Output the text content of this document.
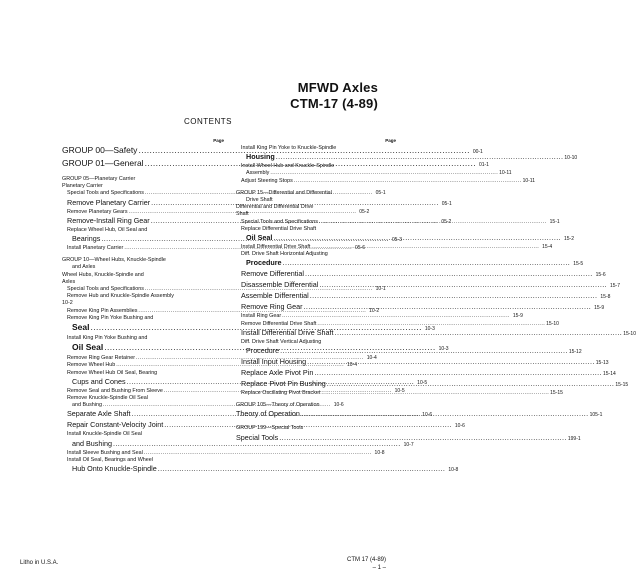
MFWD Axles
CTM-17 (4-89)
CONTENTS
Page
GROUP 00—Safety .....	00-1
GROUP 01—General .....	01-1
GROUP 05—Planetary Carrier
Planetary Carrier
Special Tools and Specifications .....	05-1
Remove Planetary Carrier .....	05-1
Remove Planetary Gears .....	05-2
Remove-Install Ring Gear .....	05-2
Replace Wheel Hub, Oil Seal and
Bearings .....	05-3
Install Planetary Carrier .....	05-6
GROUP 10—Wheel Hubs, Knuckle-Spindle
and Axles
Wheel Hubs, Knuckle-Spindle and
Axles
Special Tools and Specifications .....	10-1
Remove Hub and Knuckle-Spindle Assembly
10-2
Remove King Pin Assemblies .....	10-2
Remove King Pin Yoke Bushing and
Seal .....	10-3
Install King Pin Yoke Bushing and
Oil Seal .....	10-3
Remove Ring Gear Retainer .....	10-4
Remove Wheel Hub .....	10-4
Remove Wheel Hub Oil Seal, Bearing
Cups and Cones .....	10-5
Remove Seal and Bushing From Sleeve .....	10-5
Remove Knuckle-Spindle Oil Seal
and Bushing .....	10-6
Separate Axle Shaft .....	10-6
Repair Constant-Velocity Joint .....	10-6
Install Knuckle-Spindle Oil Seal
and Bushing .....	10-7
Install Sleeve Bushing and Seal .....	10-8
Install Oil Seal, Bearings and Wheel
Hub Onto Knuckle-Spindle .....	10-8
Page
Install King Pin Yoke to Knuckle-Spindle
Housing .....	10-10
Install Wheel Hub and Knuckle-Spindle
Assembly .....	10-11
Adjust Steering Stops .....	10-11
GROUP 15—Differential and Differential
Drive Shaft
Differential and Differential Drive
Shaft
Special Tools and Specifications .....	15-1
Replace Differential Drive Shaft
Oil Seal .....	15-2
Install Differential Drive Shaft .....	15-4
Diff. Drive Shaft Horizontal Adjusting
Procedure .....	15-5
Remove Differential .....	15-6
Disassemble Differential .....	15-7
Assemble Differential .....	15-8
Remove Ring Gear .....	15-9
Install Ring Gear .....	15-9
Remove Differential Drive Shaft .....	15-10
Install Differential Drive Shaft .....	15-10
Diff. Drive Shaft Vertical Adjusting
Procedure .....	15-12
Install Input Housing .....	15-13
Replace Axle Pivot Pin .....	15-14
Replace Pivot Pin Bushing .....	15-15
Replace Oscillating Pivot Bracket .....	15-15
GROUP 105—Theory of Operation
Theory of Operation .....	105-1
GROUP 199—Special Tools
Special Tools .....	199-1
Litho in U.S.A.	CTM 17 (4-89)
– 1 –
